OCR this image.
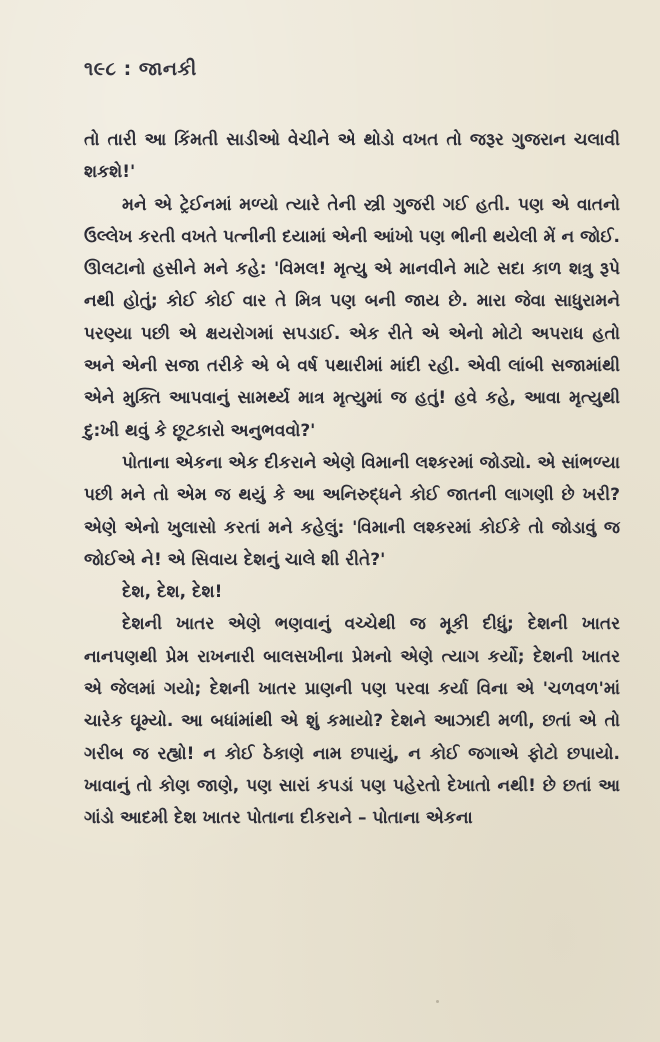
૧૯૮ : જાનકી

તો તારી આ કિંમતી સાડીઓ વેચીને એ થોડો વખત તો જરૂર ગુજરાન ચલાવી શકશે!'

મને એ ટ્રેઈનમાં મળ્યો ત્યારે તેની સ્ત્રી ગુજરી ગઈ હતી. પણ એ વાતનો ઉલ્લેખ કરતી વખતે પત્નીની દયામાં એની આંખો પણ ભીની થયેલી મેં ન જોઈ. ઊલટાનો હસીને મને કહે: 'વિમલ! મૃત્યુ એ માનવીને માટે સદા કાળ શત્રુ રૂપે નથી હોતું; કોઈ કોઈ વાર તે મિત્ર પણ બની જાય છે. મારા જેવા સાધુરામને પરણ્યા પછી એ ક્ષયરોગમાં સપડાઈ. એક રીતે એ એનો મોટો અપરાધ હતો અને એની સજા તરીકે એ બે વર્ષ પથારીમાં માંદી રહી. એવી લાંબી સજામાંથી એને મુક્તિ આપવાનું સામર્થ્ય માત્ર મૃત્યુમાં જ હતું! હવે કહે, આવા મૃત્યુથી દુ:ખી થવું કે છૂટકારો અનુભવવો?'

પોતાના એકના એક દીકરાને એણે વિમાની લશ્કરમાં જોડ્યો. એ સાંભળ્યા પછી મને તો એમ જ થયું કે આ અનિરુદ્ધને કોઈ જાતની લાગણી છે ખરી? એણે એનો ખુલાસો કરતાં મને કહેલું: 'વિમાની લશ્કરમાં કોઈકે તો જોડાવું જ જોઈએ ને! એ સિવાય દેશનું ચાલે શી રીતે?'

દેશ, દેશ, દેશ!

દેશની ખાતર એણે ભણવાનું વચ્ચેથી જ મૂકી દીધું; દેશની ખાતર નાનપણથી પ્રેમ રાખનારી બાલસખીના પ્રેમનો એણે ત્યાગ કર્યો; દેશની ખાતર એ જેલમાં ગયો; દેશની ખાતર પ્રાણની પણ પરવા કર્યા વિના એ 'ચળવળ'માં ચારેક ઘૂમ્યો. આ બધાંમાંથી એ શું કમાયો? દેશને આઝાદી મળી, છતાં એ તો ગરીબ જ રહ્યો! ન કોઈ ઠેકાણે નામ છપાયું, ન કોઈ જગાએ ફોટો છપાયો. ખાવાનું તો કોણ જાણે, પણ સારાં કપડાં પણ પહેરતો દેખાતો નથી! છે છતાં આ ગાંડો આદમી દેશ ખાતર પોતાના દીકરાને – પોતાના એકના
